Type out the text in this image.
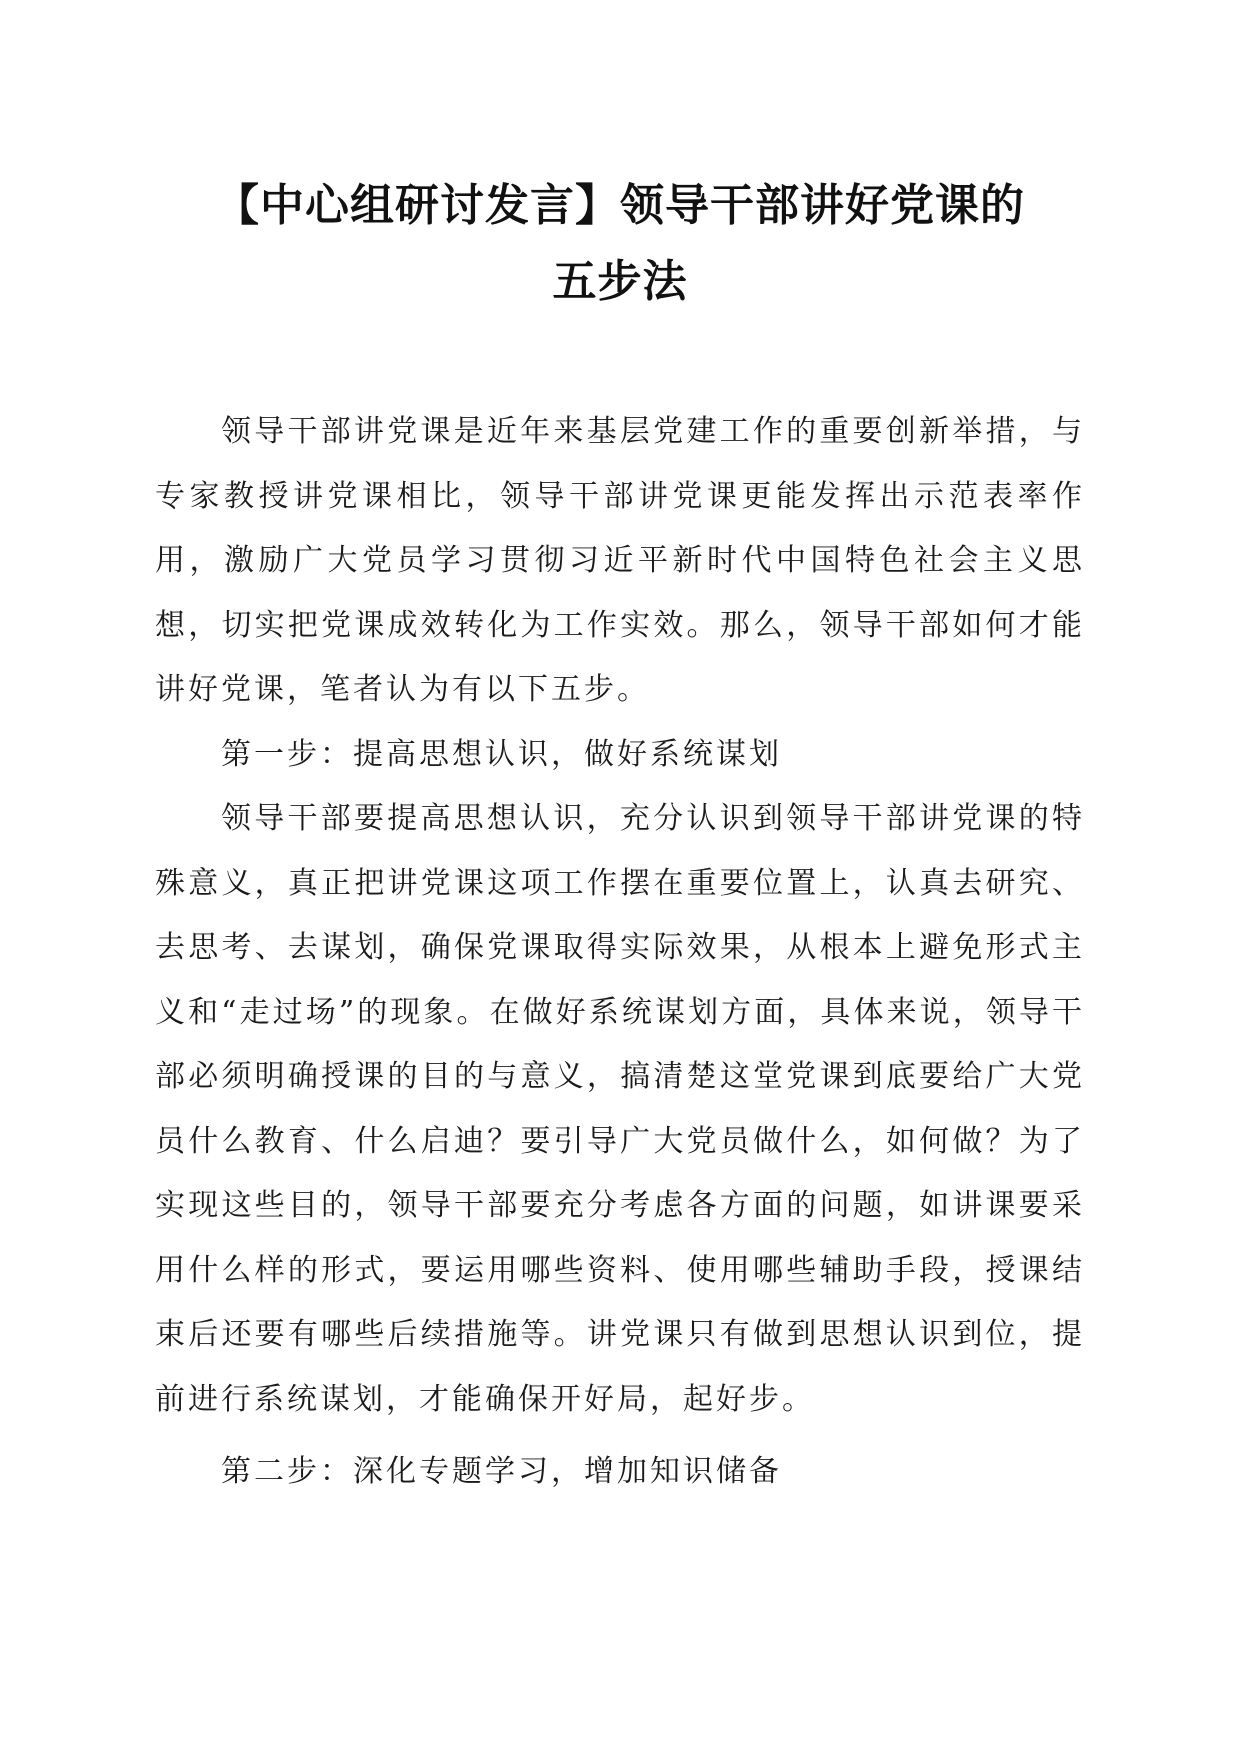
【中心组研讨发言】领导干部讲好党课的五步法

领导干部讲党课是近年来基层党建工作的重要创新举措，与专家教授讲党课相比，领导干部讲党课更能发挥出示范表率作用，激励广大党员学习贯彻习近平新时代中国特色社会主义思想，切实把党课成效转化为工作实效。那么，领导干部如何才能讲好党课，笔者认为有以下五步。

第一步：提高思想认识，做好系统谋划

领导干部要提高思想认识，充分认识到领导干部讲党课的特殊意义，真正把讲党课这项工作摆在重要位置上，认真去研究、去思考、去谋划，确保党课取得实际效果，从根本上避免形式主义和“走过场”的现象。在做好系统谋划方面，具体来说，领导干部必须明确授课的目的与意义，搞清楚这堂党课到底要给广大党员什么教育、什么启迪？要引导广大党员做什么，如何做？为了实现这些目的，领导干部要充分考虑各方面的问题，如讲课要采用什么样的形式，要运用哪些资料、使用哪些辅助手段，授课结束后还要有哪些后续措施等。讲党课只有做到思想认识到位，提前进行系统谋划，才能确保开好局，起好步。

第二步：深化专题学习，增加知识储备
